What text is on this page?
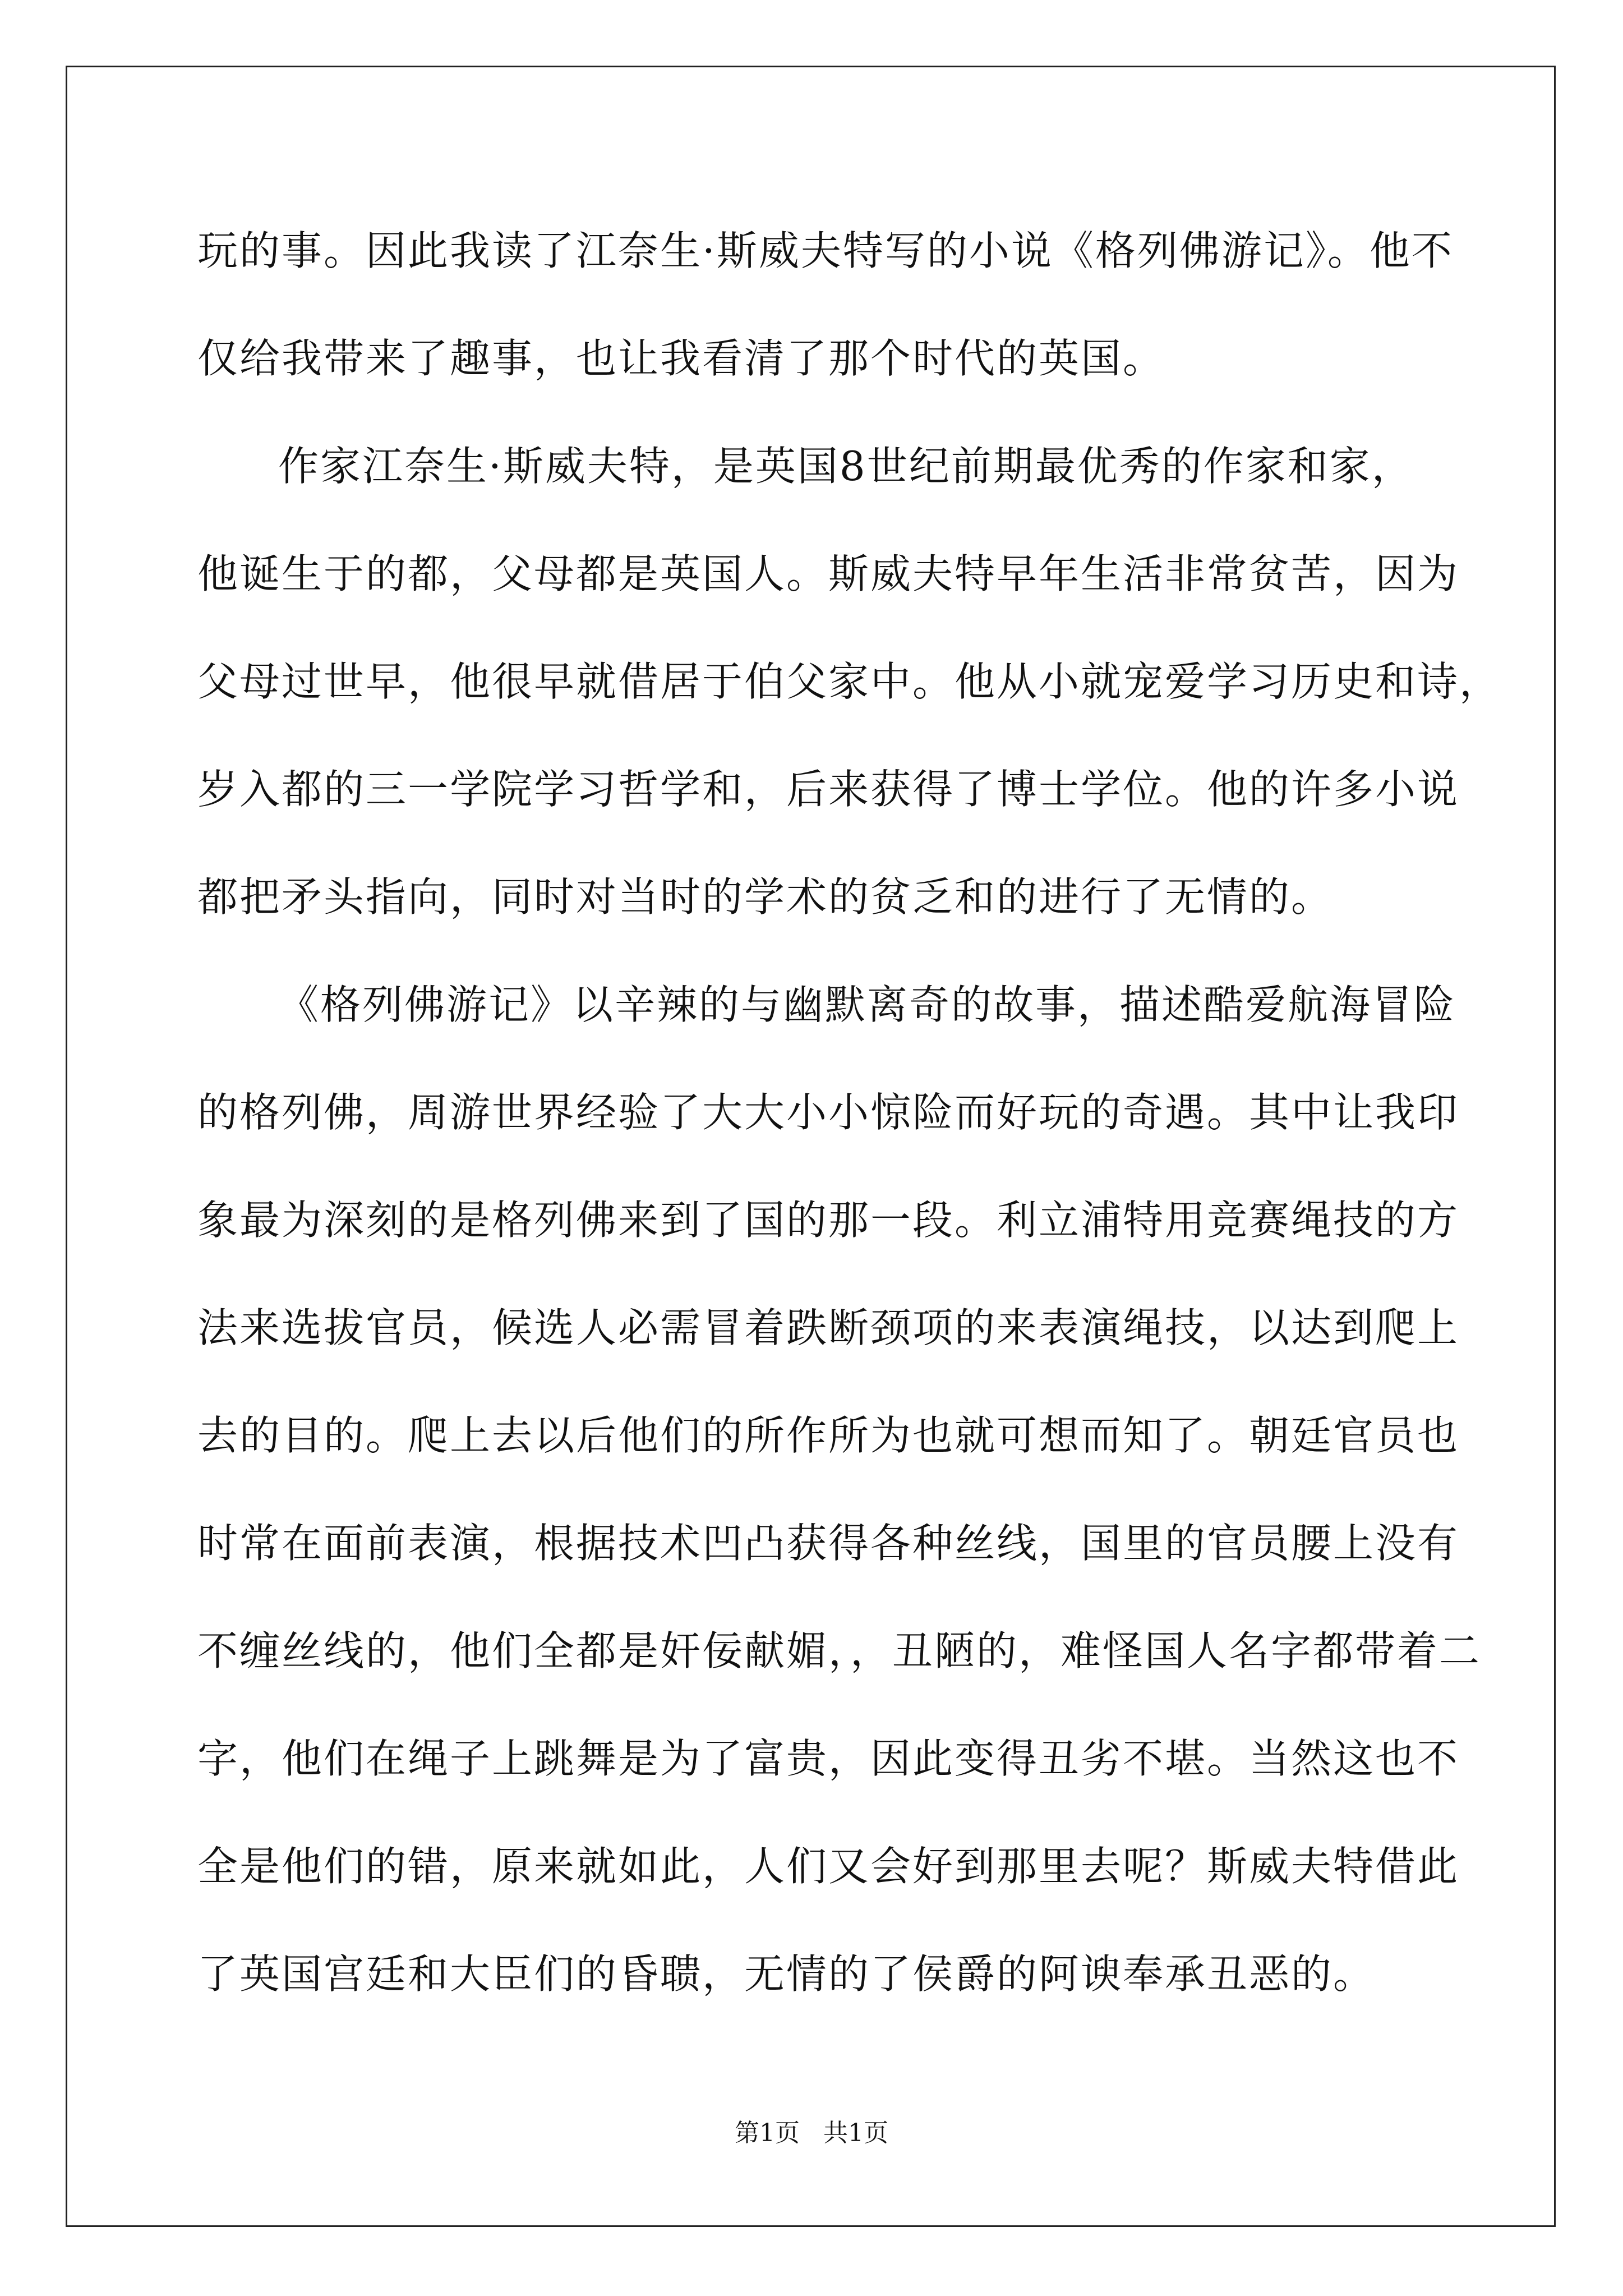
玩的事。因此我读了江奈生·斯威夫特写的小说《格列佛游记》。他不
仅给我带来了趣事，也让我看清了那个时代的英国。
作家江奈生·斯威夫特，是英国8世纪前期最优秀的作家和家，
他诞生于的都，父母都是英国人。斯威夫特早年生活非常贫苦，因为
父母过世早，他很早就借居于伯父家中。他从小就宠爱学习历史和诗，
岁入都的三一学院学习哲学和，后来获得了博士学位。他的许多小说
都把矛头指向，同时对当时的学术的贫乏和的进行了无情的。
《格列佛游记》以辛辣的与幽默离奇的故事，描述酷爱航海冒险
的格列佛，周游世界经验了大大小小惊险而好玩的奇遇。其中让我印
象最为深刻的是格列佛来到了国的那一段。利立浦特用竞赛绳技的方
法来选拔官员，候选人必需冒着跌断颈项的来表演绳技，以达到爬上
去的目的。爬上去以后他们的所作所为也就可想而知了。朝廷官员也
时常在面前表演，根据技术凹凸获得各种丝线，国里的官员腰上没有
不缠丝线的，他们全都是奸佞献媚，，丑陋的，难怪国人名字都带着二
字，他们在绳子上跳舞是为了富贵，因此变得丑劣不堪。当然这也不
全是他们的错，原来就如此，人们又会好到那里去呢？斯威夫特借此
了英国宫廷和大臣们的昏聩，无情的了侯爵的阿谀奉承丑恶的。
第1页   共1页
